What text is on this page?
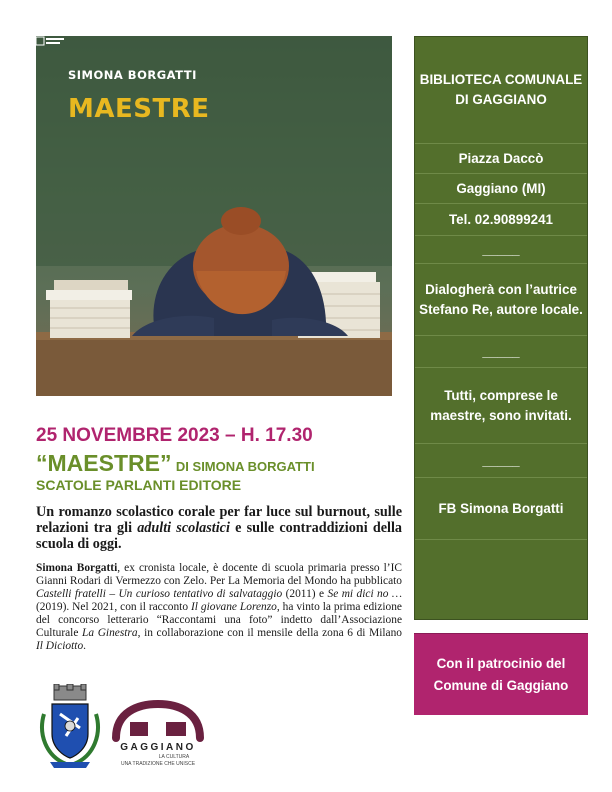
SIMONA BORGATTI
MAESTRE

25 NOVEMBRE 2023 – H. 17.30

“MAESTRE” DI SIMONA BORGATTI

SCATOLE PARLANTI EDITORE

Un romanzo scolastico corale per far luce sul burnout, sulle relazioni tra gli adulti scolastici e sulle contraddizioni della scuola di oggi.

Simona Borgatti, ex cronista locale, è docente di scuola primaria presso l’IC Gianni Rodari di Vermezzo con Zelo. Per La Memoria del Mondo ha pubblicato Castelli fratelli – Un curioso tentativo di salvataggio (2011) e Se mi dici no … (2019). Nel 2021, con il racconto Il giovane Lorenzo, ha vinto la prima edizione del concorso letterario “Raccontami una foto” indetto dall’Associazione Culturale La Ginestra, in collaborazione con il mensile della zona 6 di Milano Il Diciotto.

BIBLIOTECA COMUNALE DI GAGGIANO
Piazza Daccò
Gaggiano (MI)
Tel. 02.90899241
_____
Dialogherà con l’autrice Stefano Re, autore locale.
_____
Tutti, comprese le maestre, sono invitati.
_____
FB Simona Borgatti
Con il patrocinio del
Comune di Gaggiano
GAGGIANO
LA CULTURA
UNA TRADIZIONE CHE UNISCE
